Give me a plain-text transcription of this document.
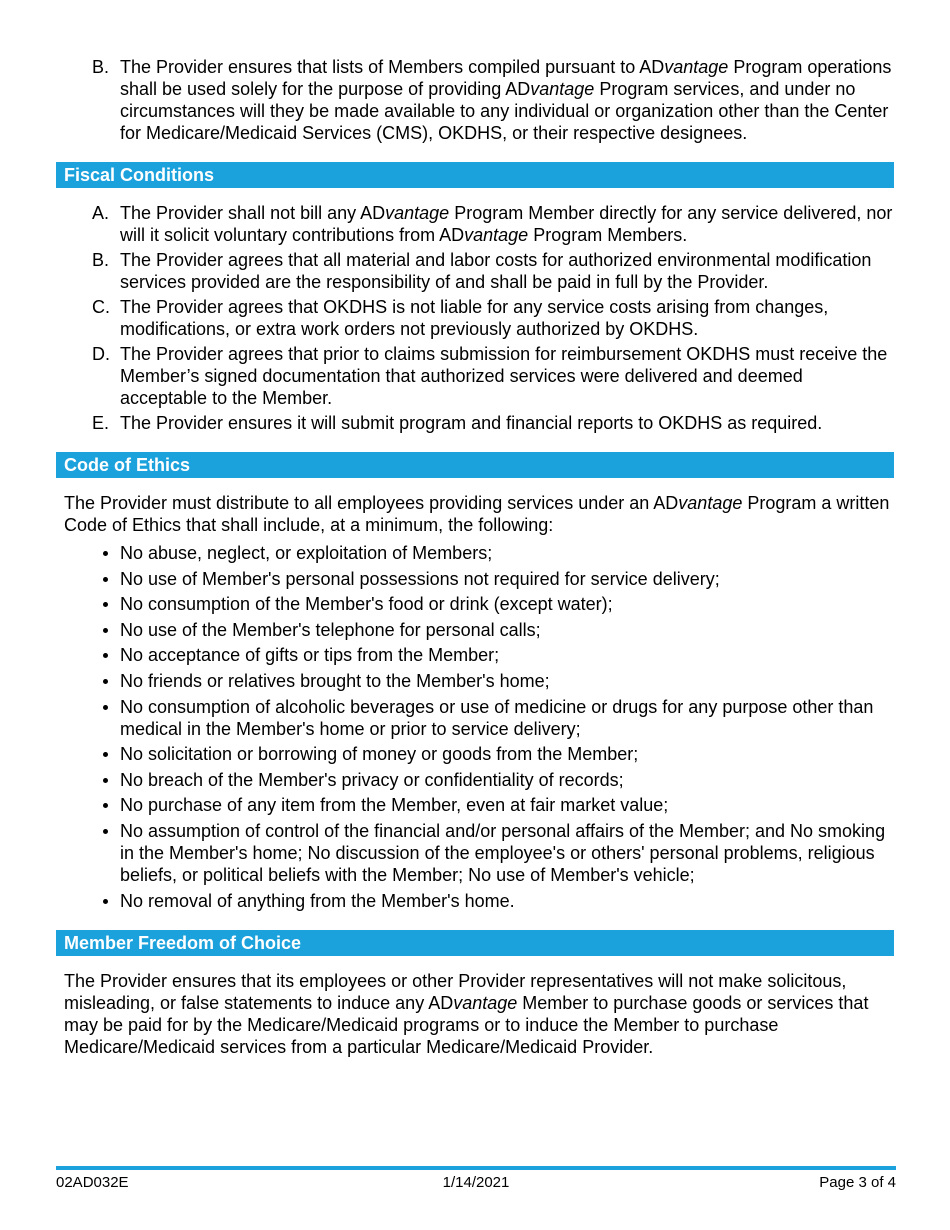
B. The Provider ensures that lists of Members compiled pursuant to ADvantage Program operations shall be used solely for the purpose of providing ADvantage Program services, and under no circumstances will they be made available to any individual or organization other than the Center for Medicare/Medicaid Services (CMS), OKDHS, or their respective designees.
Fiscal Conditions
A. The Provider shall not bill any ADvantage Program Member directly for any service delivered, nor will it solicit voluntary contributions from ADvantage Program Members.
B. The Provider agrees that all material and labor costs for authorized environmental modification services provided are the responsibility of and shall be paid in full by the Provider.
C. The Provider agrees that OKDHS is not liable for any service costs arising from changes, modifications, or extra work orders not previously authorized by OKDHS.
D. The Provider agrees that prior to claims submission for reimbursement OKDHS must receive the Member’s signed documentation that authorized services were delivered and deemed acceptable to the Member.
E. The Provider ensures it will submit program and financial reports to OKDHS as required.
Code of Ethics

The Provider must distribute to all employees providing services under an ADvantage Program a written Code of Ethics that shall include, at a minimum, the following:

No abuse, neglect, or exploitation of Members;
No use of Member's personal possessions not required for service delivery;
No consumption of the Member's food or drink (except water);
No use of the Member's telephone for personal calls;
No acceptance of gifts or tips from the Member;
No friends or relatives brought to the Member's home;
No consumption of alcoholic beverages or use of medicine or drugs for any purpose other than medical in the Member's home or prior to service delivery;
No solicitation or borrowing of money or goods from the Member;
No breach of the Member's privacy or confidentiality of records;
No purchase of any item from the Member, even at fair market value;
No assumption of control of the financial and/or personal affairs of the Member; and No smoking in the Member's home; No discussion of the employee's or others' personal problems, religious beliefs, or political beliefs with the Member; No use of Member's vehicle;
No removal of anything from the Member's home.
Member Freedom of Choice

The Provider ensures that its employees or other Provider representatives will not make solicitous, misleading, or false statements to induce any ADvantage Member to purchase goods or services that may be paid for by the Medicare/Medicaid programs or to induce the Member to purchase Medicare/Medicaid services from a particular Medicare/Medicaid Provider.

02AD032E	1/14/2021	Page 3 of 4
